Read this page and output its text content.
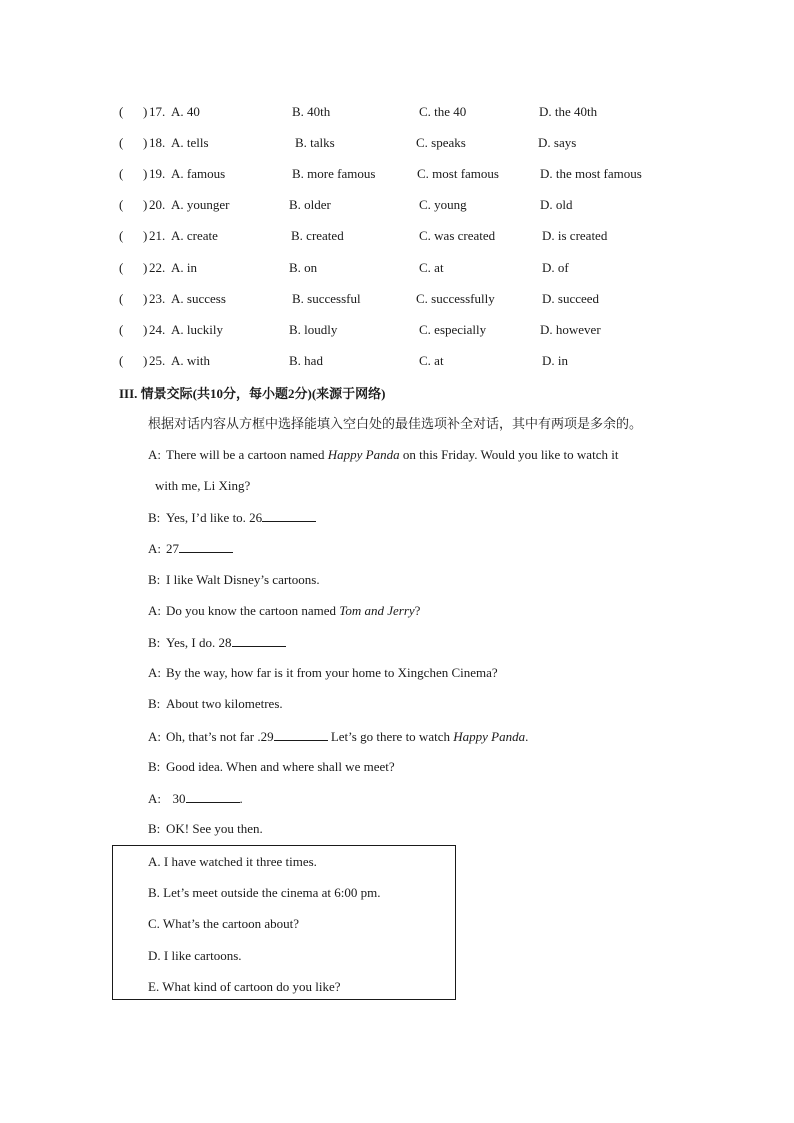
( ) 17. A. 40	B. 40th	C. the 40	D. the 40th
( ) 18. A. tells	B. talks	C. speaks	D. says
( ) 19. A. famous	B. more famous	C. most famous	D. the most famous
( ) 20. A. younger	B. older	C. young	D. old
( ) 21. A. create	B. created	C. was created	D. is created
( ) 22. A. in	B. on	C. at	D. of
( ) 23. A. success	B. successful	C. successfully	D. succeed
( ) 24. A. luckily	B. loudly	C. especially	D. however
( ) 25. A. with	B. had	C. at	D. in
III. 情景交际(共10分，每小题2分)(来源于网络)
根据对话内容从方框中选择能填入空白处的最佳选项补全对话，其中有两项是多余的。
A: There will be a cartoon named Happy Panda on this Friday. Would you like to watch it
with me, Li Xing?
B: Yes, I’d like to. 26
A: 27
B: I like Walt Disney’s cartoons.
A: Do you know the cartoon named Tom and Jerry?
B: Yes, I do. 28
A: By the way, how far is it from your home to Xingchen Cinema?
B: About two kilometres.
A: Oh, that’s not far .29	Let’s go there to watch Happy Panda.
B: Good idea. When and where shall we meet?
A:  30	.
B: OK! See you then.
A. I have watched it three times.
B. Let’s meet outside the cinema at 6:00 pm.
C. What’s the cartoon about?
D. I like cartoons.
E. What kind of cartoon do you like?
